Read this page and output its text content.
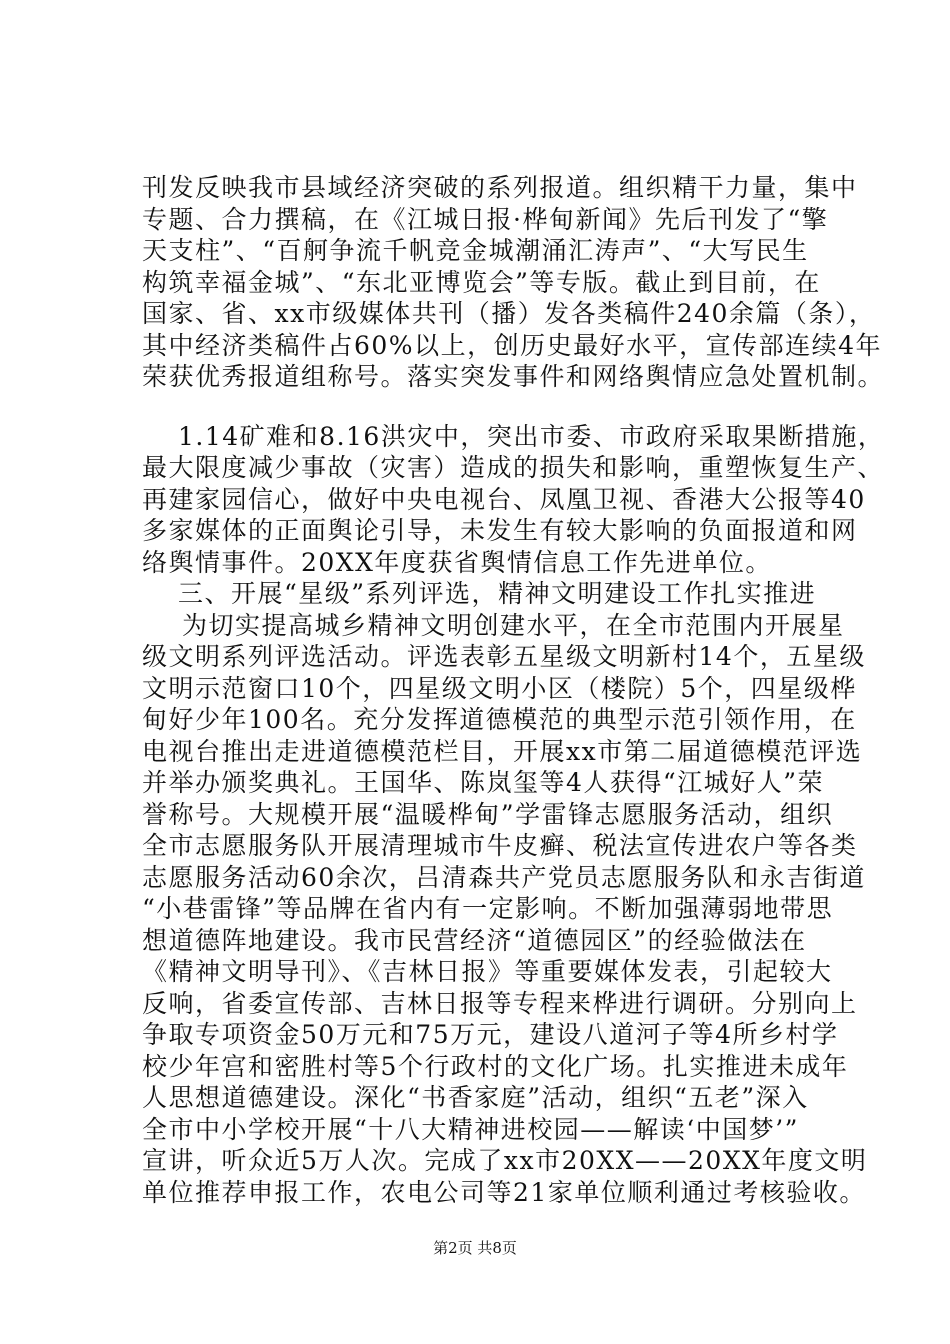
刊发反映我市县域经济突破的系列报道。组织精干力量，集中
专题、合力撰稿，在《江城日报·桦甸新闻》先后刊发了“擎
天支柱”、“百舸争流千帆竞金城潮涌汇涛声”、“大写民生
构筑幸福金城”、“东北亚博览会”等专版。截止到目前，在
国家、省、xx市级媒体共刊（播）发各类稿件240余篇（条），
其中经济类稿件占60%以上，创历史最好水平，宣传部连续4年
荣获优秀报道组称号。落实突发事件和网络舆情应急处置机制。
1.14矿难和8.16洪灾中，突出市委、市政府采取果断措施，
最大限度减少事故（灾害）造成的损失和影响，重塑恢复生产、
再建家园信心，做好中央电视台、凤凰卫视、香港大公报等40
多家媒体的正面舆论引导，未发生有较大影响的负面报道和网
络舆情事件。20XX年度获省舆情信息工作先进单位。
三、开展“星级”系列评选，精神文明建设工作扎实推进
为切实提高城乡精神文明创建水平，在全市范围内开展星
级文明系列评选活动。评选表彰五星级文明新村14个，五星级
文明示范窗口10个，四星级文明小区（楼院）5个，四星级桦
甸好少年100名。充分发挥道德模范的典型示范引领作用，在
电视台推出走进道德模范栏目，开展xx市第二届道德模范评选
并举办颁奖典礼。王国华、陈岚玺等4人获得“江城好人”荣
誉称号。大规模开展“温暖桦甸”学雷锋志愿服务活动，组织
全市志愿服务队开展清理城市牛皮癣、税法宣传进农户等各类
志愿服务活动60余次，吕清森共产党员志愿服务队和永吉街道
“小巷雷锋”等品牌在省内有一定影响。不断加强薄弱地带思
想道德阵地建设。我市民营经济“道德园区”的经验做法在
《精神文明导刊》、《吉林日报》等重要媒体发表，引起较大
反响，省委宣传部、吉林日报等专程来桦进行调研。分别向上
争取专项资金50万元和75万元，建设八道河子等4所乡村学
校少年宫和密胜村等5个行政村的文化广场。扎实推进未成年
人思想道德建设。深化“书香家庭”活动，组织“五老”深入
全市中小学校开展“十八大精神进校园——解读‘中国梦’”
宣讲，听众近5万人次。完成了xx市20XX——20XX年度文明
单位推荐申报工作，农电公司等21家单位顺利通过考核验收。
第2页 共8页
